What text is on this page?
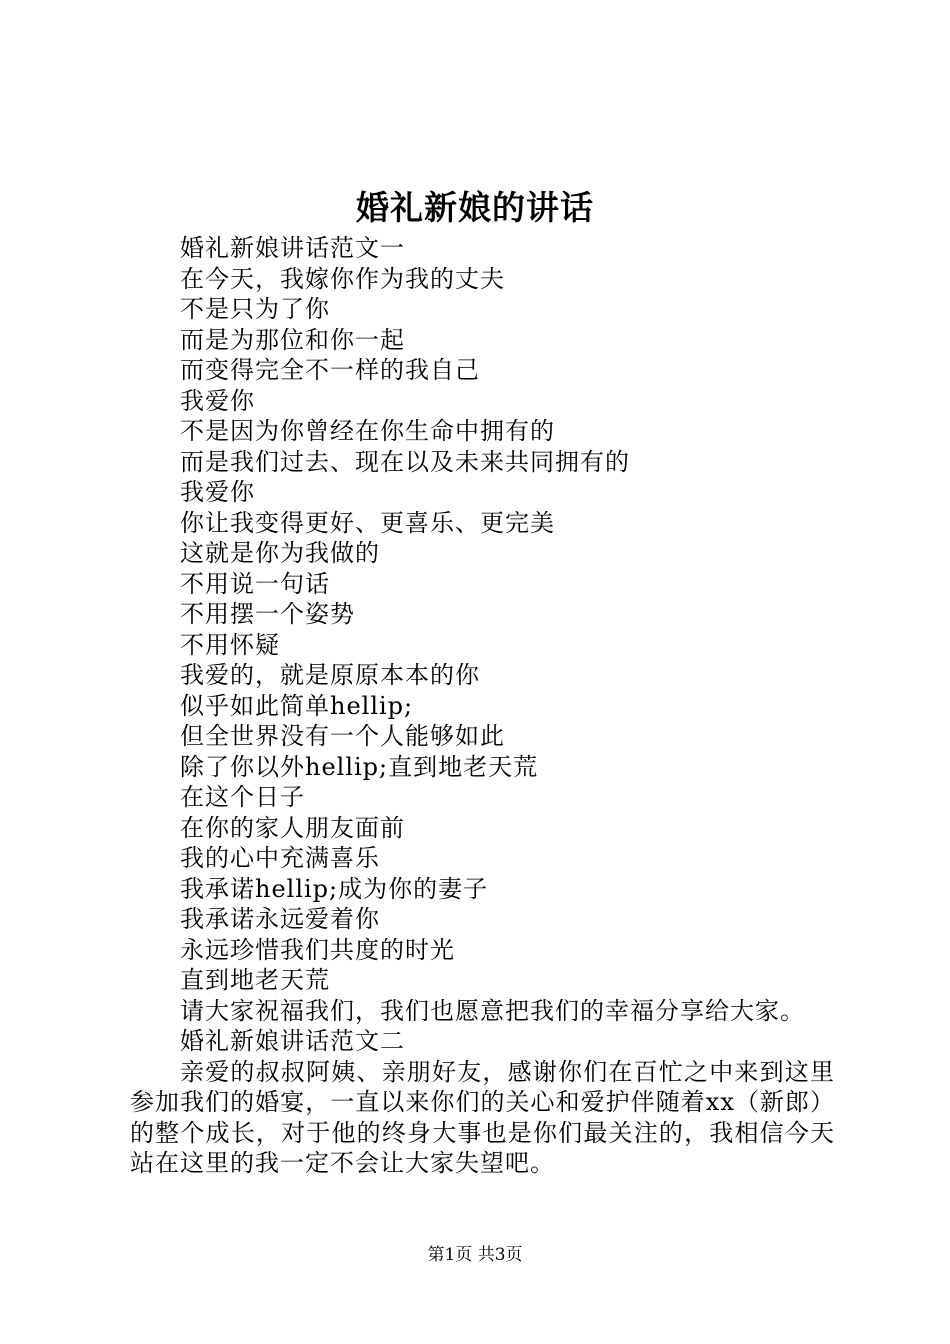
婚礼新娘的讲话
婚礼新娘讲话范文一
在今天，我嫁你作为我的丈夫
不是只为了你
而是为那位和你一起
而变得完全不一样的我自己
我爱你
不是因为你曾经在你生命中拥有的
而是我们过去、现在以及未来共同拥有的
我爱你
你让我变得更好、更喜乐、更完美
这就是你为我做的
不用说一句话
不用摆一个姿势
不用怀疑
我爱的，就是原原本本的你
似乎如此简单hellip;
但全世界没有一个人能够如此
除了你以外hellip;直到地老天荒
在这个日子
在你的家人朋友面前
我的心中充满喜乐
我承诺hellip;成为你的妻子
我承诺永远爱着你
永远珍惜我们共度的时光
直到地老天荒
请大家祝福我们，我们也愿意把我们的幸福分享给大家。
婚礼新娘讲话范文二
亲爱的叔叔阿姨、亲朋好友，感谢你们在百忙之中来到这里参加我们的婚宴，一直以来你们的关心和爱护伴随着xx（新郎）的整个成长，对于他的终身大事也是你们最关注的，我相信今天站在这里的我一定不会让大家失望吧。
第1页 共3页
